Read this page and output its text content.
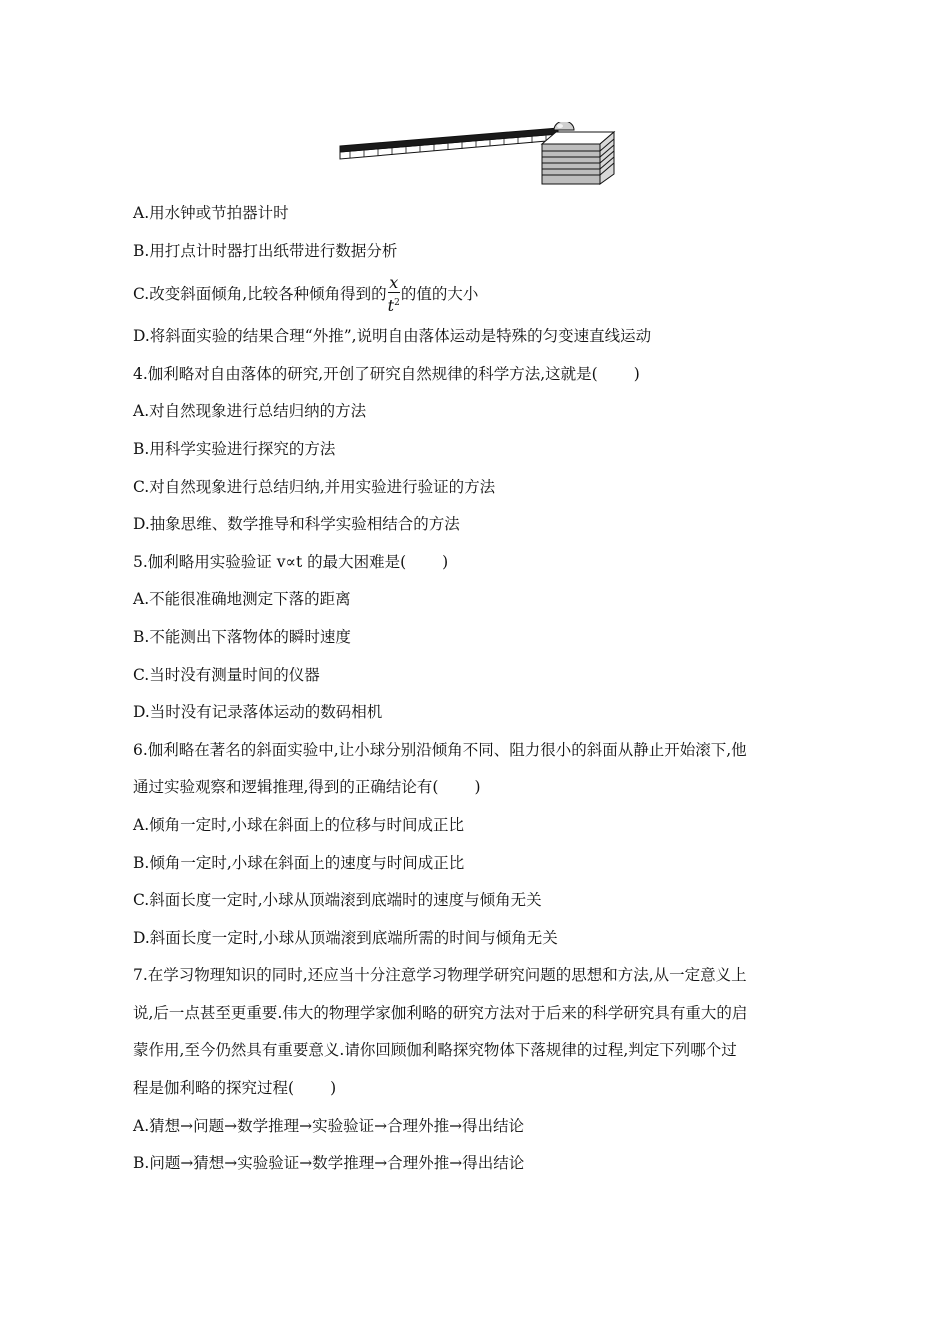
A.用水钟或节拍器计时

B.用打点计时器打出纸带进行数据分析

C.改变斜面倾角,比较各种倾角得到的 $\frac{x}{t^2}$ 的值的大小

D.将斜面实验的结果合理“外推”,说明自由落体运动是特殊的匀变速直线运动

4.伽利略对自由落体的研究,开创了研究自然规律的科学方法,这就是( )

A.对自然现象进行总结归纳的方法

B.用科学实验进行探究的方法

C.对自然现象进行总结归纳,并用实验进行验证的方法

D.抽象思维、数学推导和科学实验相结合的方法

5.伽利略用实验验证 v∝t 的最大困难是( )

A.不能很准确地测定下落的距离

B.不能测出下落物体的瞬时速度

C.当时没有测量时间的仪器

D.当时没有记录落体运动的数码相机

6.伽利略在著名的斜面实验中,让小球分别沿倾角不同、阻力很小的斜面从静止开始滚下,他

通过实验观察和逻辑推理,得到的正确结论有( )

A.倾角一定时,小球在斜面上的位移与时间成正比

B.倾角一定时,小球在斜面上的速度与时间成正比

C.斜面长度一定时,小球从顶端滚到底端时的速度与倾角无关

D.斜面长度一定时,小球从顶端滚到底端所需的时间与倾角无关

7.在学习物理知识的同时,还应当十分注意学习物理学研究问题的思想和方法,从一定意义上

说,后一点甚至更重要.伟大的物理学家伽利略的研究方法对于后来的科学研究具有重大的启

蒙作用,至今仍然具有重要意义.请你回顾伽利略探究物体下落规律的过程,判定下列哪个过

程是伽利略的探究过程( )

A.猜想→问题→数学推理→实验验证→合理外推→得出结论

B.问题→猜想→实验验证→数学推理→合理外推→得出结论
